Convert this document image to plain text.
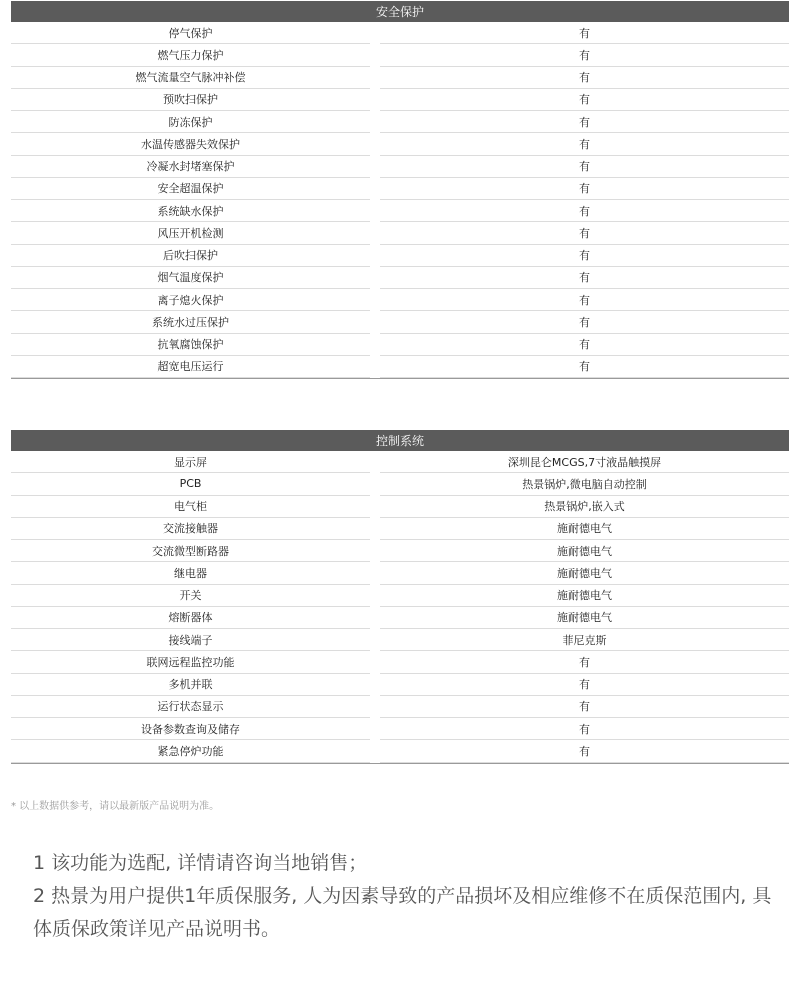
安全保护
停气保护	有
燃气压力保护	有
燃气流量空气脉冲补偿	有
预吹扫保护	有
防冻保护	有
水温传感器失效保护	有
冷凝水封堵塞保护	有
安全超温保护	有
系统缺水保护	有
风压开机检测	有
后吹扫保护	有
烟气温度保护	有
离子熄火保护	有
系统水过压保护	有
抗氧腐蚀保护	有
超宽电压运行	有
控制系统
显示屏	深圳昆仑MCGS,7寸液晶触摸屏
PCB	热景锅炉,微电脑自动控制
电气柜	热景锅炉,嵌入式
交流接触器	施耐德电气
交流微型断路器	施耐德电气
继电器	施耐德电气
开关	施耐德电气
熔断器体	施耐德电气
接线端子	菲尼克斯
联网远程监控功能	有
多机并联	有
运行状态显示	有
设备参数查询及储存	有
紧急停炉功能	有
* 以上数据供参考，请以最新版产品说明为准。

1 该功能为选配, 详情请咨询当地销售；

2 热景为用户提供1年质保服务, 人为因素导致的产品损坏及相应维修不在质保范围内, 具体质保政策详见产品说明书。
